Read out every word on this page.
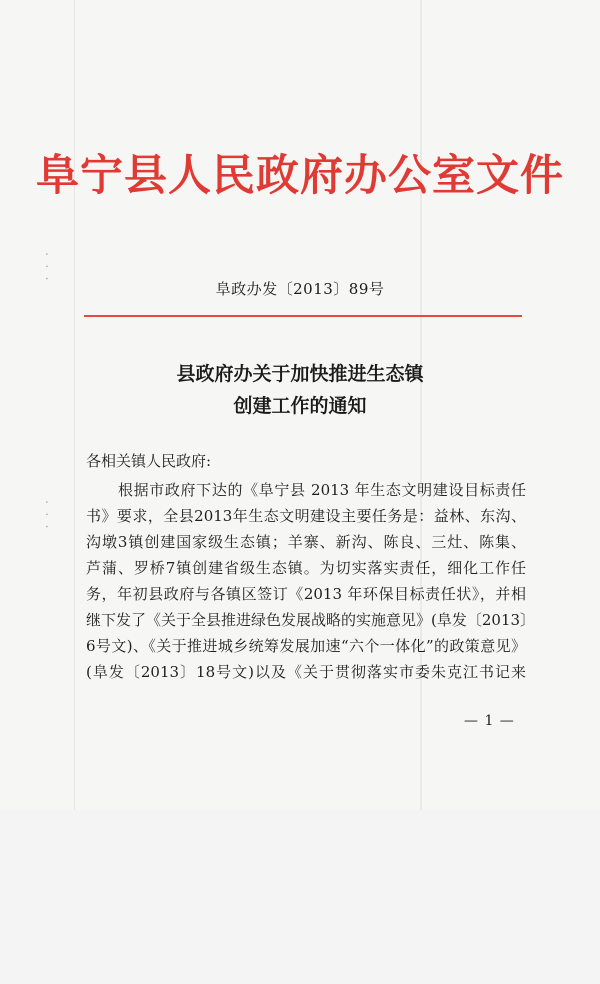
· · ·
· · ·
阜宁县人民政府办公室文件
阜政办发〔2013〕89号
县政府办关于加快推进生态镇
创建工作的通知
各相关镇人民政府:
根据市政府下达的《阜宁县 2013 年生态文明建设目标责任
书》要求，全县2013年生态文明建设主要任务是：益林、东沟、
沟墩3镇创建国家级生态镇；羊寨、新沟、陈良、三灶、陈集、
芦蒲、罗桥7镇创建省级生态镇。为切实落实责任，细化工作任
务，年初县政府与各镇区签订《2013 年环保目标责任状》，并相
继下发了《关于全县推进绿色发展战略的实施意见》(阜发〔2013〕
6号文)、《关于推进城乡统筹发展加速“六个一体化”的政策意见》
(阜发〔2013〕18号文)以及《关于贯彻落实市委朱克江书记来
— 1 —
